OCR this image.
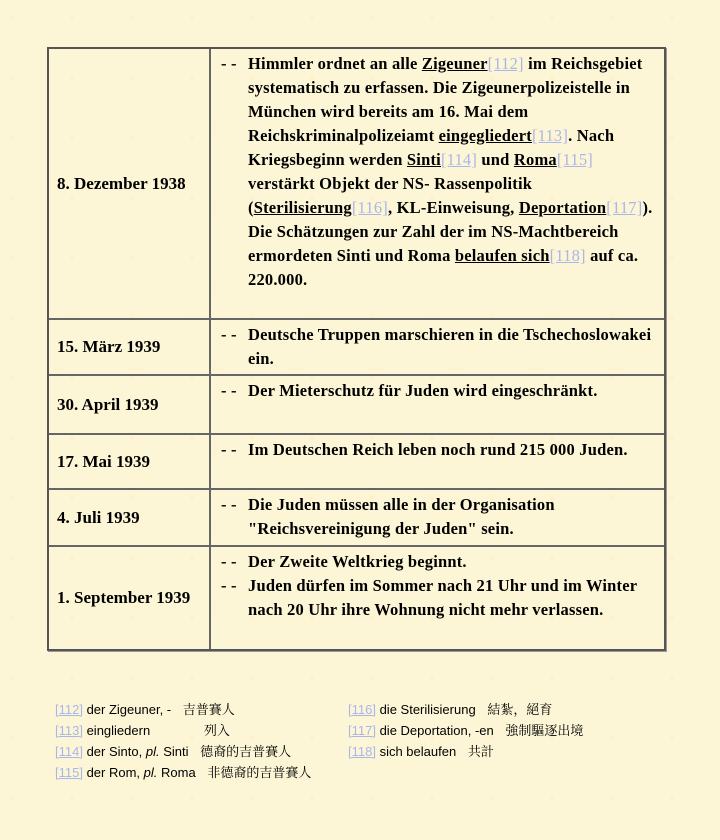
8. Dezember 1938
- - Himmler ordnet an alle Zigeuner[112] im Reichsgebiet systematisch zu erfassen. Die Zigeunerpolizeistelle in München wird bereits am 16. Mai dem Reichskriminalpolizeiamt eingegliedert[113]. Nach Kriegsbeginn werden Sinti[114] und Roma[115] verstärkt Objekt der NS- Rassenpolitik (Sterilisierung[116], KL-Einweisung, Deportation[117]). Die Schätzungen zur Zahl der im NS-Machtbereich ermordeten Sinti und Roma belaufen sich[118] auf ca. 220.000.
15. März 1939
- - Deutsche Truppen marschieren in die Tschechoslowakei ein.
30. April 1939
- - Der Mieterschutz für Juden wird eingeschränkt.
17. Mai 1939
- - Im Deutschen Reich leben noch rund 215 000 Juden.
4. Juli 1939
- - Die Juden müssen alle in der Organisation "Reichsvereinigung der Juden" sein.
1. September 1939
- - Der Zweite Weltkrieg beginnt.
- - Juden dürfen im Sommer nach 21 Uhr und im Winter nach 20 Uhr ihre Wohnung nicht mehr verlassen.
[112] der Zigeuner, - 吉普賽人
[113] eingliedern	列入
[114] der Sinto, pl. Sinti 德裔的吉普賽人
[115] der Rom, pl. Roma 非德裔的吉普賽人
[116] die Sterilisierung 結紮，絕育
[117] die Deportation, -en 強制驅逐出境
[118] sich belaufen 共計
